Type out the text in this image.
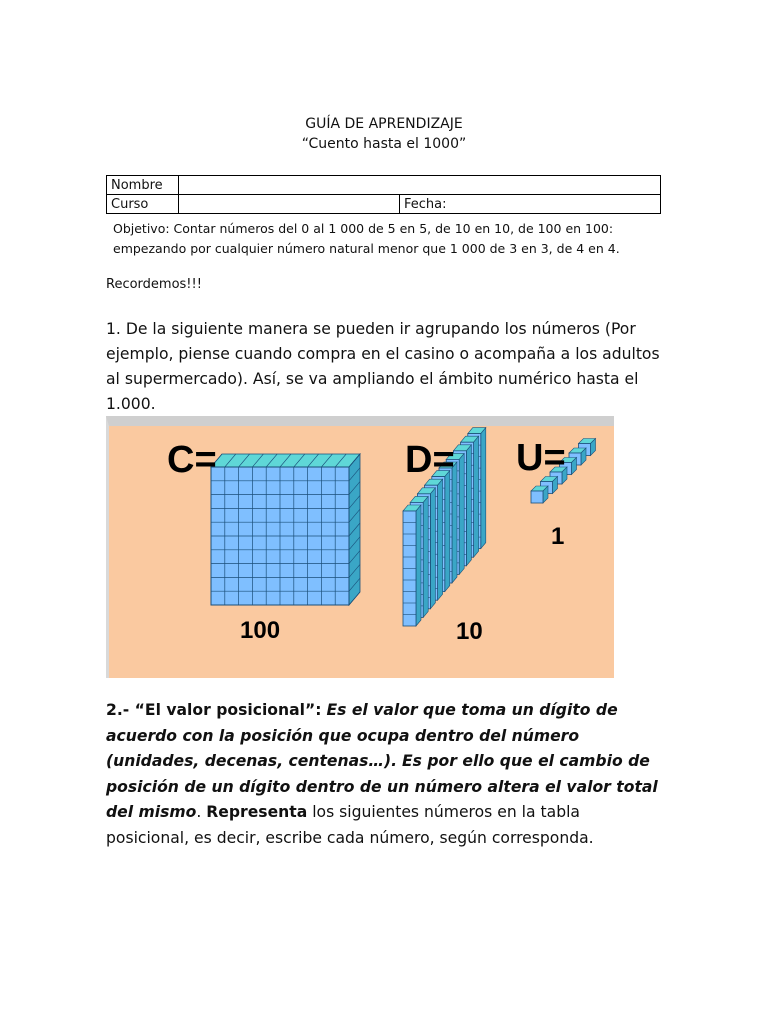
GUÍA DE APRENDIZAJE
“Cuento hasta el 1000”
Nombre		
Curso		Fecha:
Objetivo: Contar números del 0 al 1 000 de 5 en 5, de 10 en 10, de 100 en 100: empezando por cualquier número natural menor que 1 000 de 3 en 3, de 4 en 4.
Recordemos!!!
1. De la siguiente manera se pueden ir agrupando los números (Por ejemplo, piense cuando compra en el casino o acompaña a los adultos al supermercado). Así, se va ampliando el ámbito numérico hasta el 1.000.
C=	D= U=
100	10
1
2.- “El valor posicional”: Es el valor que toma un dígito de acuerdo con la posición que ocupa dentro del número (unidades, decenas, centenas…). Es por ello que el cambio de posición de un dígito dentro de un número altera el valor total del mismo. Representa los siguientes números en la tabla posicional, es decir, escribe cada número, según corresponda.
